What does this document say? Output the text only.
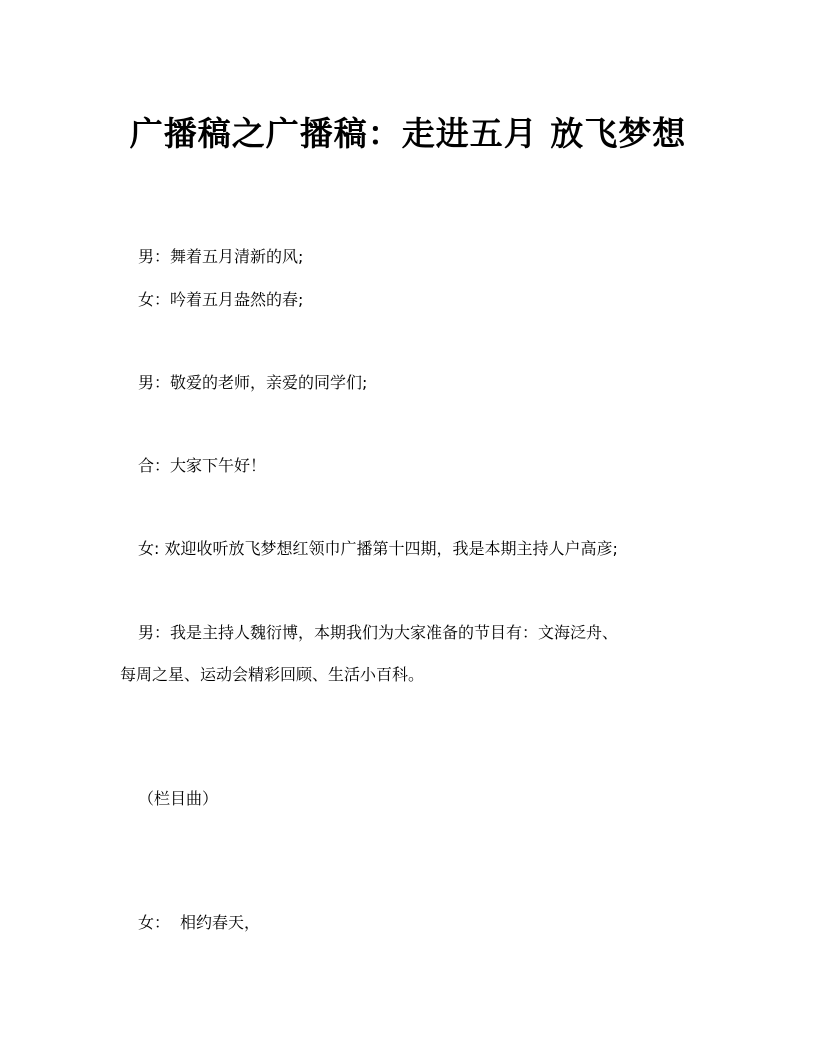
广播稿之广播稿：走进五月 放飞梦想
男：舞着五月清新的风;
女：吟着五月盎然的春;
男：敬爱的老师，亲爱的同学们;
合：大家下午好！
女: 欢迎收听放飞梦想红领巾广播第十四期，我是本期主持人户高彦;
男：我是主持人魏衍博，本期我们为大家准备的节目有：文海泛舟、
每周之星、运动会精彩回顾、生活小百科。
（栏目曲）
女： 相约春天，
